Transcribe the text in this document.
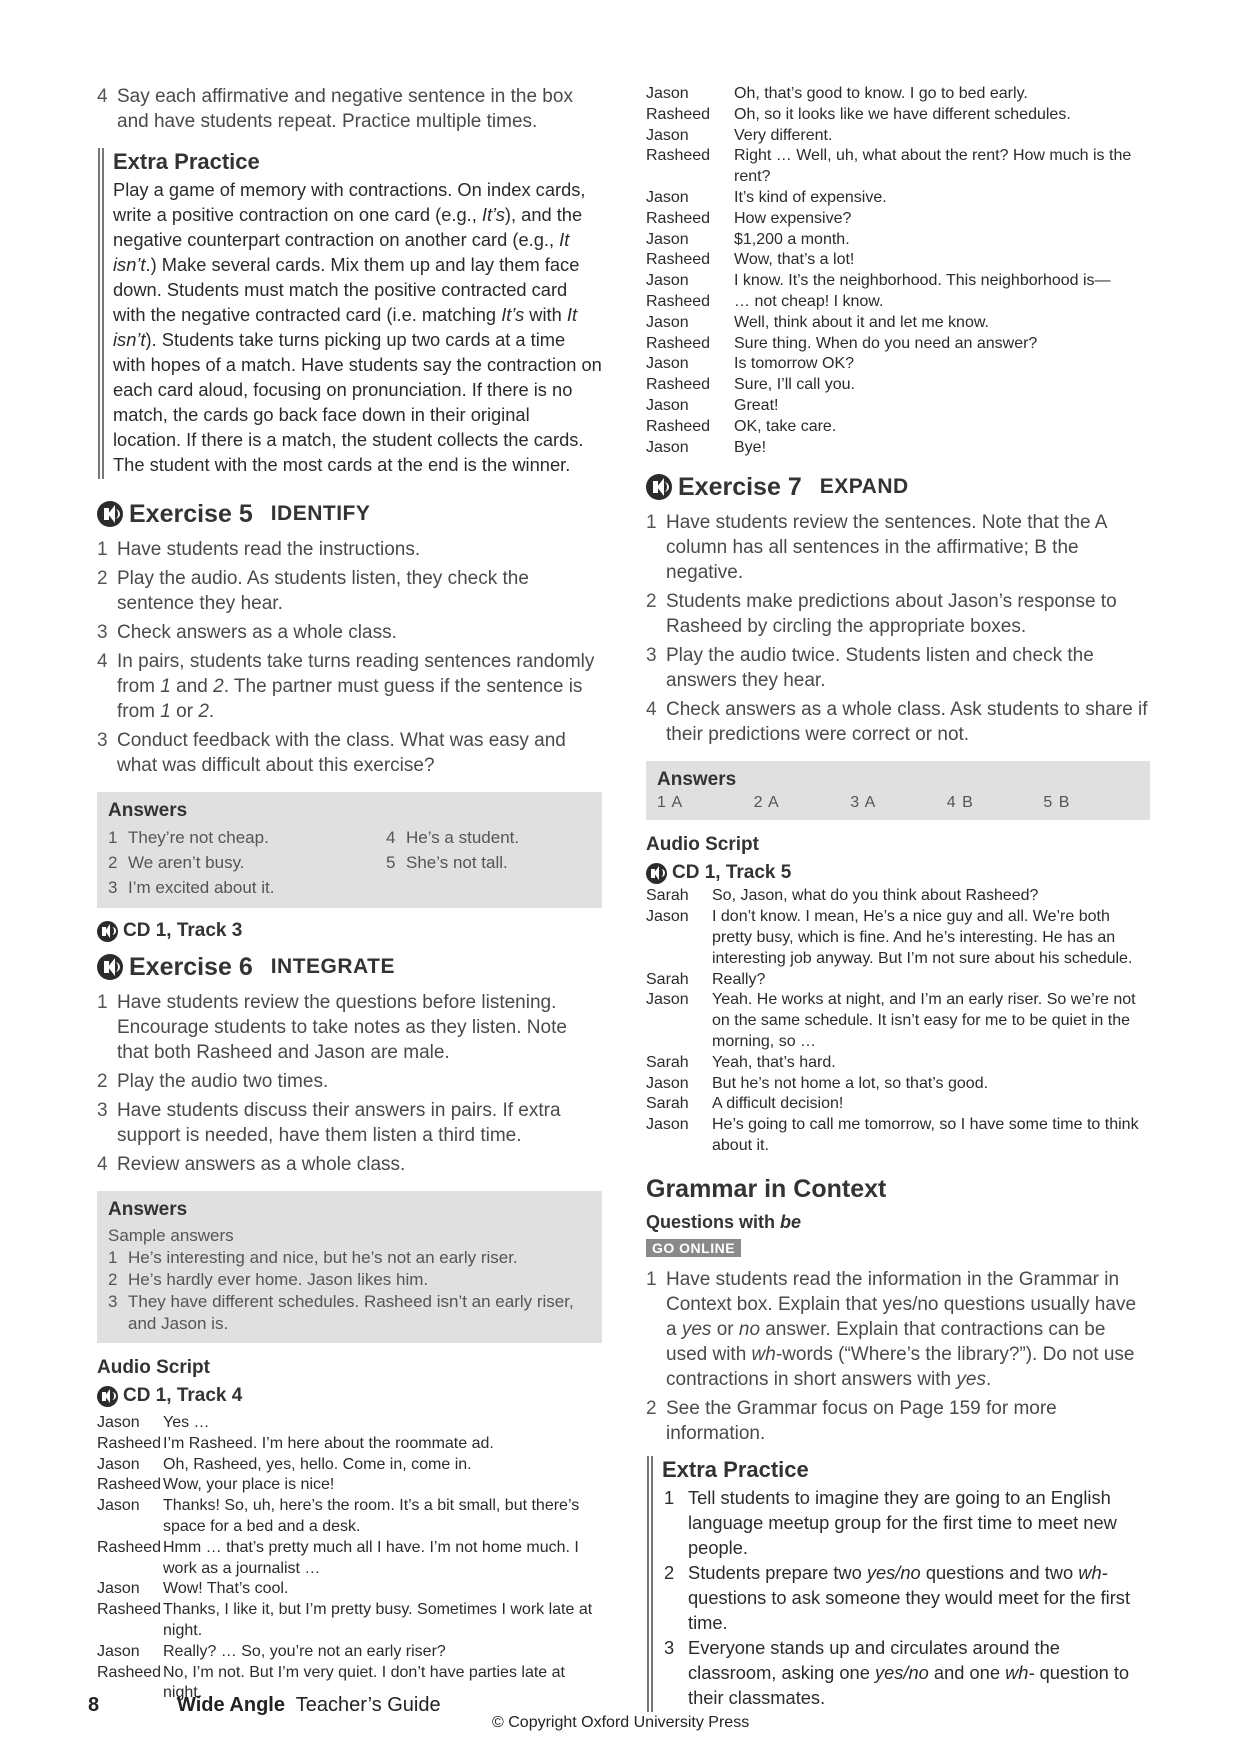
4 Say each affirmative and negative sentence in the box and have students repeat. Practice multiple times.
Extra Practice
Play a game of memory with contractions. On index cards, write a positive contraction on one card (e.g., It’s), and the negative counterpart contraction on another card (e.g., It isn’t.) Make several cards. Mix them up and lay them face down. Students must match the positive contracted card with the negative contracted card (i.e. matching It’s with It isn’t). Students take turns picking up two cards at a time with hopes of a match. Have students say the contraction on each card aloud, focusing on pronunciation. If there is no match, the cards go back face down in their original location. If there is a match, the student collects the cards. The student with the most cards at the end is the winner.
Exercise 5 IDENTIFY
1 Have students read the instructions.
2 Play the audio. As students listen, they check the sentence they hear.
3 Check answers as a whole class.
4 In pairs, students take turns reading sentences randomly from 1 and 2. The partner must guess if the sentence is from 1 or 2.
3 Conduct feedback with the class. What was easy and what was difficult about this exercise?
Answers
1 They’re not cheap.	4 He’s a student.
2 We aren’t busy.	5 She’s not tall.
3 I’m excited about it.
CD 1, Track 3
Exercise 6 INTEGRATE
1 Have students review the questions before listening. Encourage students to take notes as they listen. Note that both Rasheed and Jason are male.
2 Play the audio two times.
3 Have students discuss their answers in pairs. If extra support is needed, have them listen a third time.
4 Review answers as a whole class.
Answers
Sample answers
1 He’s interesting and nice, but he’s not an early riser.
2 He’s hardly ever home. Jason likes him.
3 They have different schedules. Rasheed isn’t an early riser, and Jason is.
Audio Script
CD 1, Track 4
Jason	Yes …
Rasheed I’m Rasheed. I’m here about the roommate ad.
Jason	Oh, Rasheed, yes, hello. Come in, come in.
Rasheed Wow, your place is nice!
Jason	Thanks! So, uh, here’s the room. It’s a bit small, but there’s space for a bed and a desk.
Rasheed Hmm … that’s pretty much all I have. I’m not home much. I work as a journalist …
Jason	Wow! That’s cool.
Rasheed Thanks, I like it, but I’m pretty busy. Sometimes I work late at night.
Jason	Really? … So, you’re not an early riser?
Rasheed No, I’m not. But I’m very quiet. I don’t have parties late at night.
Jason	Oh, that’s good to know. I go to bed early.
Rasheed	Oh, so it looks like we have different schedules.
Jason	Very different.
Rasheed	Right … Well, uh, what about the rent? How much is the rent?
Jason	It’s kind of expensive.
Rasheed	How expensive?
Jason	$1,200 a month.
Rasheed	Wow, that’s a lot!
Jason	I know. It’s the neighborhood. This neighborhood is—
Rasheed	… not cheap! I know.
Jason	Well, think about it and let me know.
Rasheed	Sure thing. When do you need an answer?
Jason	Is tomorrow OK?
Rasheed	Sure, I’ll call you.
Jason	Great!
Rasheed	OK, take care.
Jason	Bye!
Exercise 7 EXPAND
1 Have students review the sentences. Note that the A column has all sentences in the affirmative; B the negative.
2 Students make predictions about Jason’s response to Rasheed by circling the appropriate boxes.
3 Play the audio twice. Students listen and check the answers they hear.
4 Check answers as a whole class. Ask students to share if their predictions were correct or not.
Answers
1 A	2 A	3 A	4 B	5 B
Audio Script
CD 1, Track 5
Sarah	So, Jason, what do you think about Rasheed?
Jason	I don’t know. I mean, He’s a nice guy and all. We’re both pretty busy, which is fine. And he’s interesting. He has an interesting job anyway. But I’m not sure about his schedule.
Sarah	Really?
Jason	Yeah. He works at night, and I’m an early riser. So we’re not on the same schedule. It isn’t easy for me to be quiet in the morning, so …
Sarah	Yeah, that’s hard.
Jason	But he’s not home a lot, so that’s good.
Sarah	A difficult decision!
Jason	He’s going to call me tomorrow, so I have some time to think about it.
Grammar in Context
Questions with be
GO ONLINE
1 Have students read the information in the Grammar in Context box. Explain that yes/no questions usually have a yes or no answer. Explain that contractions can be used with wh-words (“Where’s the library?”). Do not use contractions in short answers with yes.
2 See the Grammar focus on Page 159 for more information.
Extra Practice
1 Tell students to imagine they are going to an English language meetup group for the first time to meet new people.
2 Students prepare two yes/no questions and two wh- questions to ask someone they would meet for the first time.
3 Everyone stands up and circulates around the classroom, asking one yes/no and one wh- question to their classmates.
8	Wide Angle  Teacher’s Guide
© Copyright Oxford University Press
